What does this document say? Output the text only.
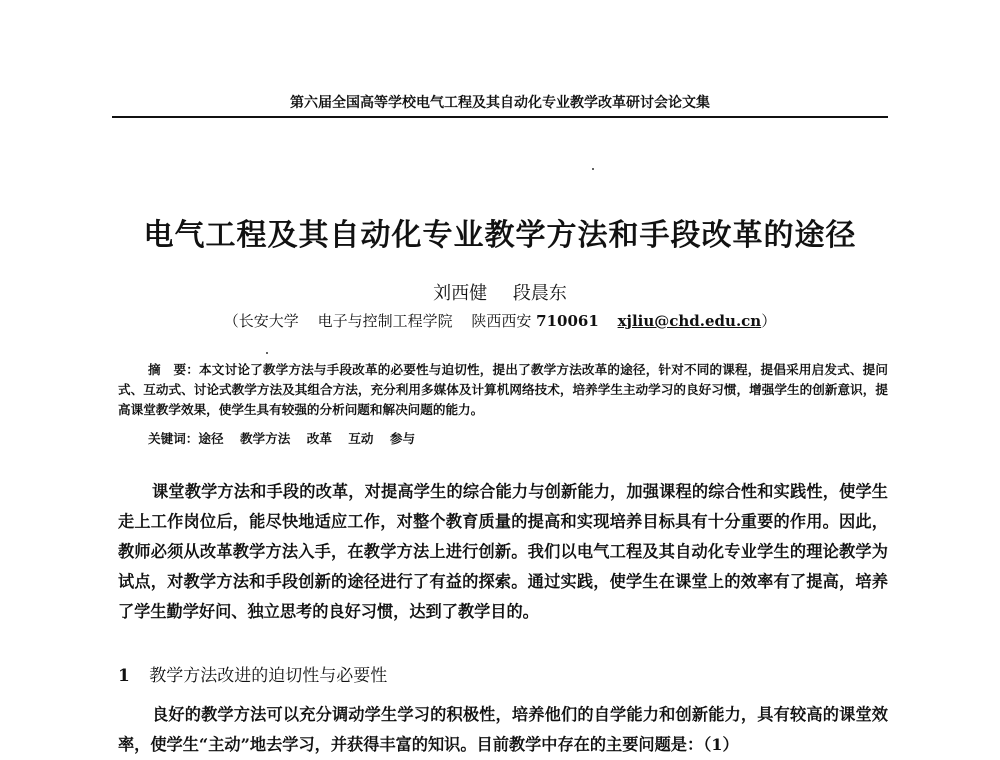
第六届全国高等学校电气工程及其自动化专业教学改革研讨会论文集
电气工程及其自动化专业教学方法和手段改革的途径
刘西健 段晨东
（长安大学 电子与控制工程学院 陕西西安 710061 xjliu@chd.edu.cn）
摘　要：本文讨论了教学方法与手段改革的必要性与迫切性，提出了教学方法改革的途径，针对不同的课程，提倡采用启发式、提问式、互动式、讨论式教学方法及其组合方法，充分利用多媒体及计算机网络技术，培养学生主动学习的良好习惯，增强学生的创新意识，提高课堂教学效果，使学生具有较强的分析问题和解决问题的能力。
关键词：途径 教学方法 改革 互动 参与
课堂教学方法和手段的改革，对提高学生的综合能力与创新能力，加强课程的综合性和实践性，使学生走上工作岗位后，能尽快地适应工作，对整个教育质量的提高和实现培养目标具有十分重要的作用。因此，教师必须从改革教学方法入手，在教学方法上进行创新。我们以电气工程及其自动化专业学生的理论教学为试点，对教学方法和手段创新的途径进行了有益的探索。通过实践，使学生在课堂上的效率有了提高，培养了学生勤学好问、独立思考的良好习惯，达到了教学目的。
1 教学方法改进的迫切性与必要性
良好的教学方法可以充分调动学生学习的积极性，培养他们的自学能力和创新能力，具有较高的课堂效率，使学生“主动”地去学习，并获得丰富的知识。目前教学中存在的主要问题是：（1）
